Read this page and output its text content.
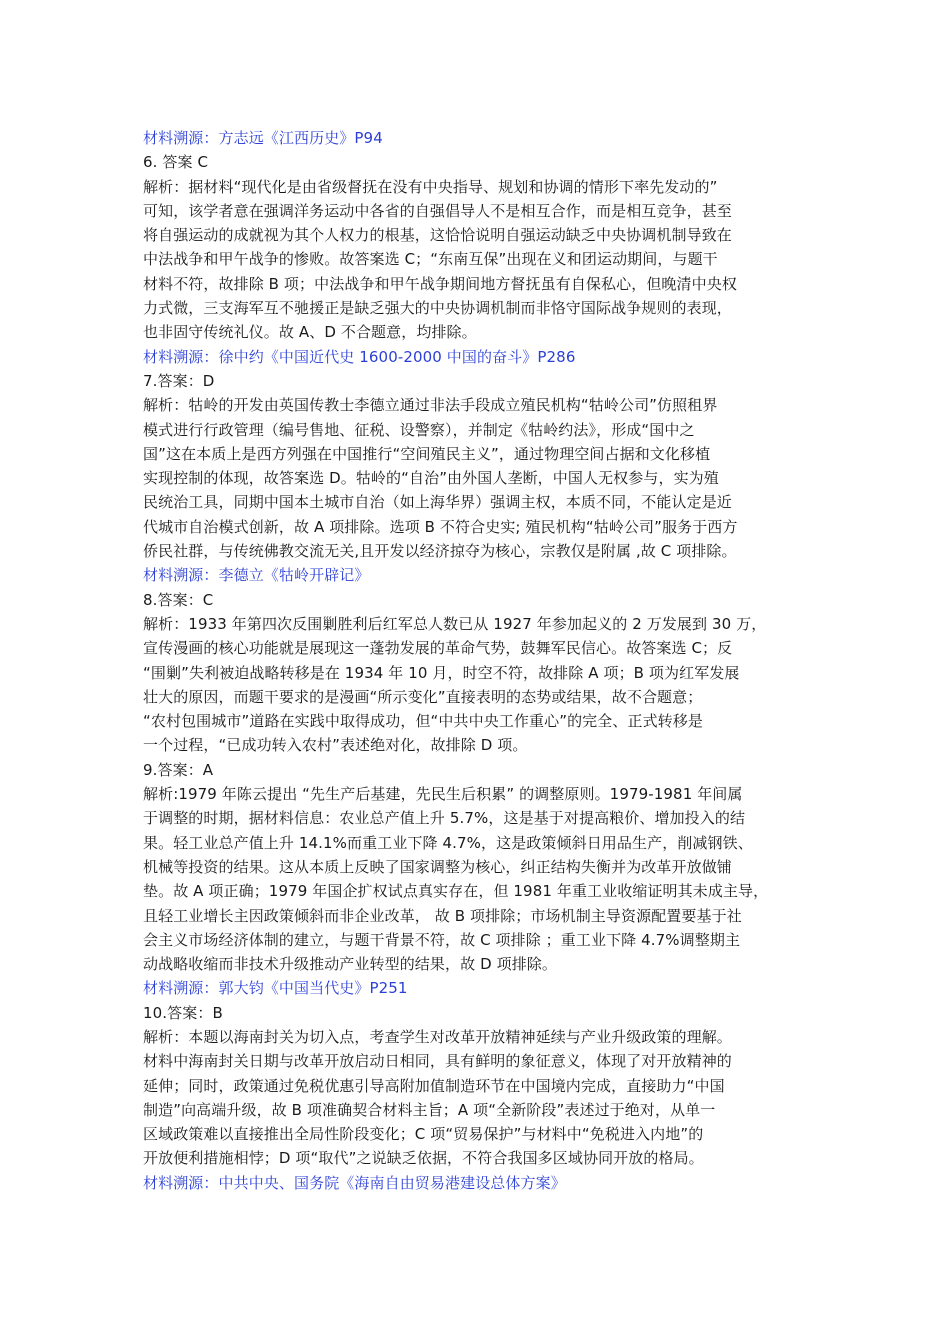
材料溯源：方志远《江西历史》P94
6. 答案 C
解析：据材料“现代化是由省级督抚在没有中央指导、规划和协调的情形下率先发动的”
可知，该学者意在强调洋务运动中各省的自强倡导人不是相互合作，而是相互竞争，甚至
将自强运动的成就视为其个人权力的根基，这恰恰说明自强运动缺乏中央协调机制导致在
中法战争和甲午战争的惨败。故答案选 C；“东南互保”出现在义和团运动期间，与题干
材料不符，故排除 B 项；中法战争和甲午战争期间地方督抚虽有自保私心，但晚清中央权
力式微，三支海军互不驰援正是缺乏强大的中央协调机制而非恪守国际战争规则的表现，
也非固守传统礼仪。故 A、D 不合题意，均排除。
材料溯源：徐中约《中国近代史 1600-2000 中国的奋斗》P286
7.答案：D
解析：牯岭的开发由英国传教士李德立通过非法手段成立殖民机构“牯岭公司”仿照租界
模式进行行政管理（编号售地、征税、设警察），并制定《牯岭约法》，形成“国中之
国”这在本质上是西方列强在中国推行“空间殖民主义”，通过物理空间占据和文化移植
实现控制的体现，故答案选 D。牯岭的“自治”由外国人垄断，中国人无权参与，实为殖
民统治工具，同期中国本土城市自治（如上海华界）强调主权，本质不同，不能认定是近
代城市自治模式创新，故 A 项排除。选项 B 不符合史实; 殖民机构“牯岭公司”服务于西方
侨民社群，与传统佛教交流无关,且开发以经济掠夺为核心，宗教仅是附属 ,故 C 项排除。
材料溯源：李德立《牯岭开辟记》
8.答案：C
解析：1933 年第四次反围剿胜利后红军总人数已从 1927 年参加起义的 2 万发展到 30 万，
宣传漫画的核心功能就是展现这一蓬勃发展的革命气势，鼓舞军民信心。故答案选 C；反
“围剿”失利被迫战略转移是在 1934 年 10 月，时空不符，故排除 A 项；B 项为红军发展
壮大的原因，而题干要求的是漫画“所示变化”直接表明的态势或结果，故不合题意；
“农村包围城市”道路在实践中取得成功，但“中共中央工作重心”的完全、正式转移是
一个过程，“已成功转入农村”表述绝对化，故排除 D 项。
9.答案：A
解析:1979 年陈云提出 “先生产后基建，先民生后积累” 的调整原则。1979-1981 年间属
于调整的时期，据材料信息：农业总产值上升 5.7%，这是基于对提高粮价、增加投入的结
果。轻工业总产值上升 14.1%而重工业下降 4.7%，这是政策倾斜日用品生产，削减钢铁、
机械等投资的结果。这从本质上反映了国家调整为核心，纠正结构失衡并为改革开放做铺
垫。故 A 项正确；1979 年国企扩权试点真实存在，但 1981 年重工业收缩证明其未成主导，
且轻工业增长主因政策倾斜而非企业改革， 故 B 项排除；市场机制主导资源配置要基于社
会主义市场经济体制的建立，与题干背景不符，故 C 项排除 ；重工业下降 4.7%调整期主
动战略收缩而非技术升级推动产业转型的结果，故 D 项排除。
材料溯源：郭大钧《中国当代史》P251
10.答案：B
解析：本题以海南封关为切入点，考查学生对改革开放精神延续与产业升级政策的理解。
材料中海南封关日期与改革开放启动日相同，具有鲜明的象征意义，体现了对开放精神的
延伸；同时，政策通过免税优惠引导高附加值制造环节在中国境内完成，直接助力“中国
制造”向高端升级，故 B 项准确契合材料主旨；A 项“全新阶段”表述过于绝对，从单一
区域政策难以直接推出全局性阶段变化；C 项“贸易保护”与材料中“免税进入内地”的
开放便利措施相悖；D 项“取代”之说缺乏依据，不符合我国多区域协同开放的格局。
材料溯源：中共中央、国务院《海南自由贸易港建设总体方案》
